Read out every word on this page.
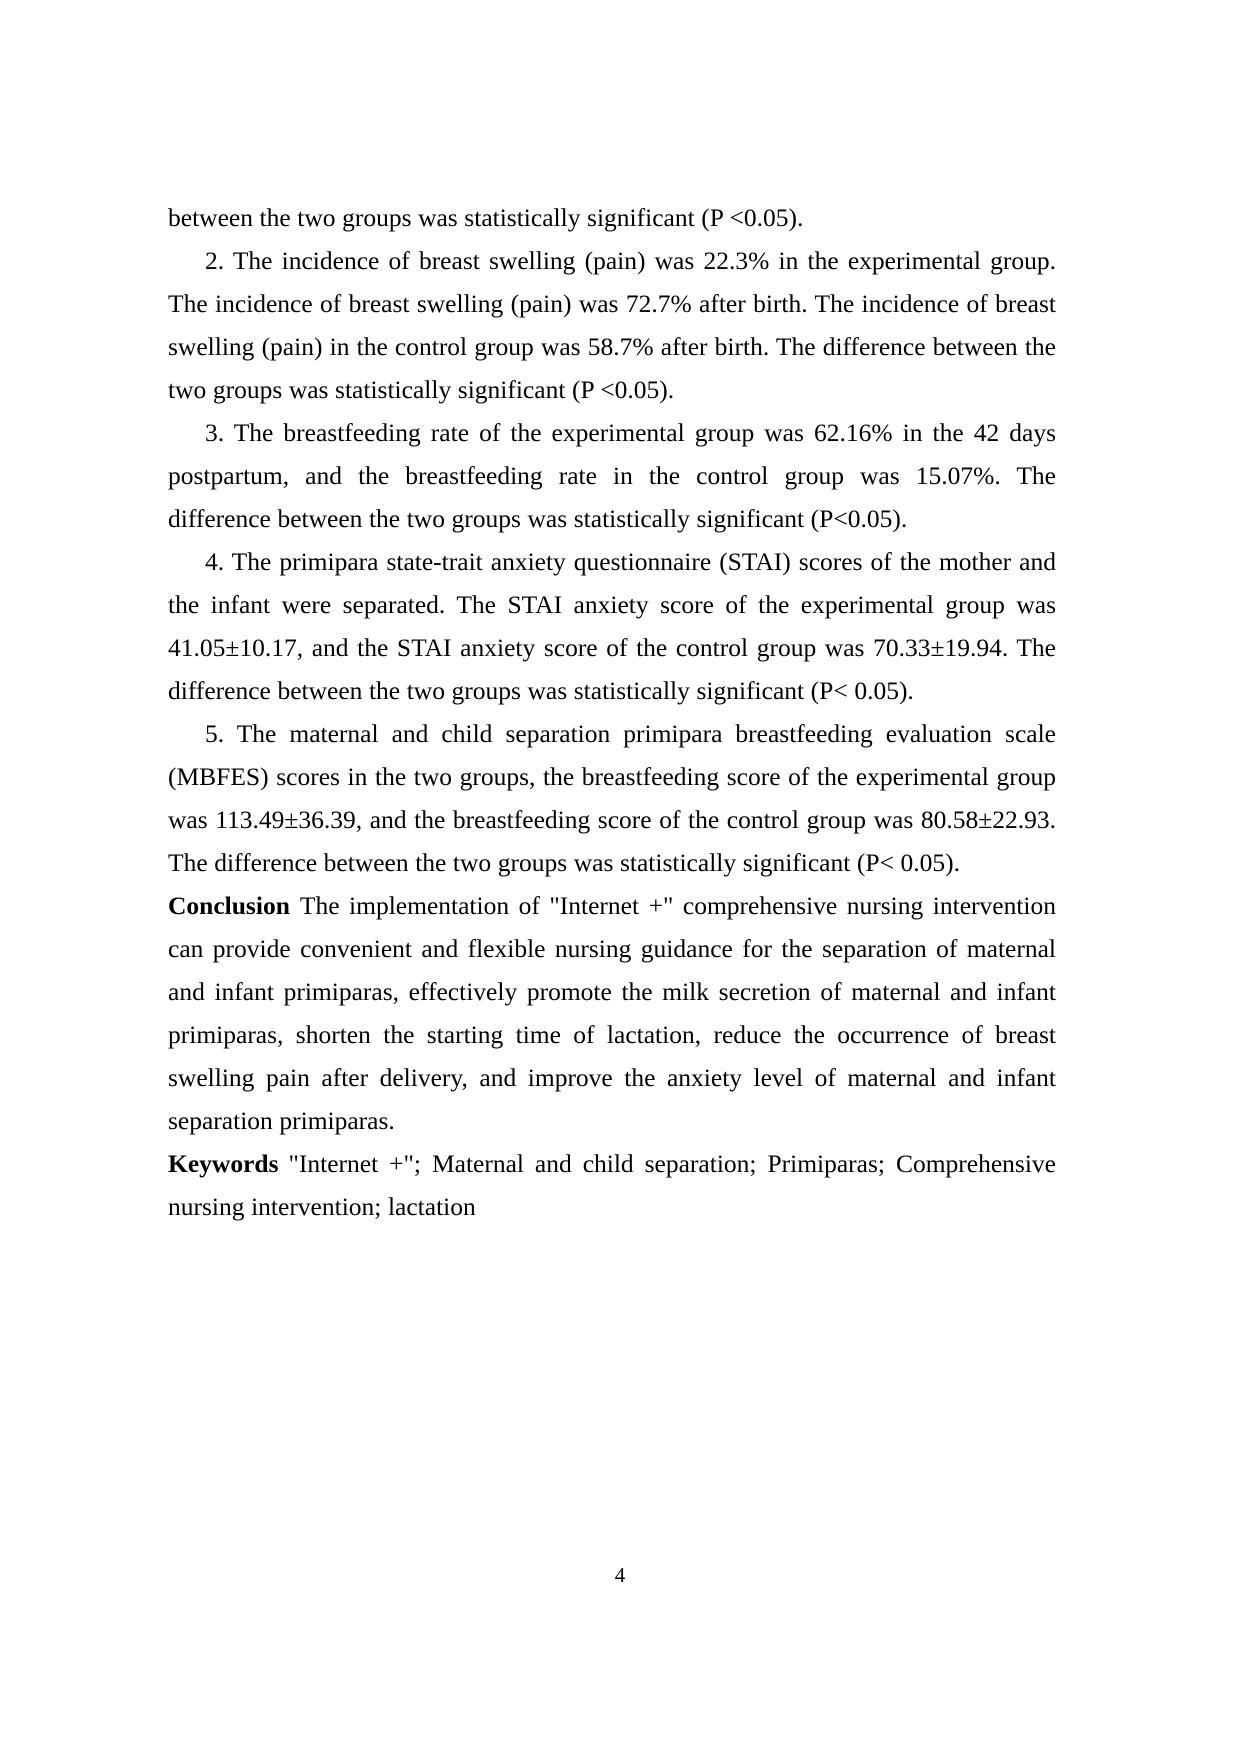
between the two groups was statistically significant (P <0.05).

2. The incidence of breast swelling (pain) was 22.3% in the experimental group. The incidence of breast swelling (pain) was 72.7% after birth. The incidence of breast swelling (pain) in the control group was 58.7% after birth. The difference between the two groups was statistically significant (P <0.05).

3. The breastfeeding rate of the experimental group was 62.16% in the 42 days postpartum, and the breastfeeding rate in the control group was 15.07%. The difference between the two groups was statistically significant (P<0.05).

4. The primipara state-trait anxiety questionnaire (STAI) scores of the mother and the infant were separated. The STAI anxiety score of the experimental group was 41.05±10.17, and the STAI anxiety score of the control group was 70.33±19.94. The difference between the two groups was statistically significant (P< 0.05).

5. The maternal and child separation primipara breastfeeding evaluation scale (MBFES) scores in the two groups, the breastfeeding score of the experimental group was 113.49±36.39, and the breastfeeding score of the control group was 80.58±22.93. The difference between the two groups was statistically significant (P< 0.05).

Conclusion The implementation of "Internet +" comprehensive nursing intervention can provide convenient and flexible nursing guidance for the separation of maternal and infant primiparas, effectively promote the milk secretion of maternal and infant primiparas, shorten the starting time of lactation, reduce the occurrence of breast swelling pain after delivery, and improve the anxiety level of maternal and infant separation primiparas.

Keywords "Internet +"; Maternal and child separation; Primiparas; Comprehensive nursing intervention; lactation

4
